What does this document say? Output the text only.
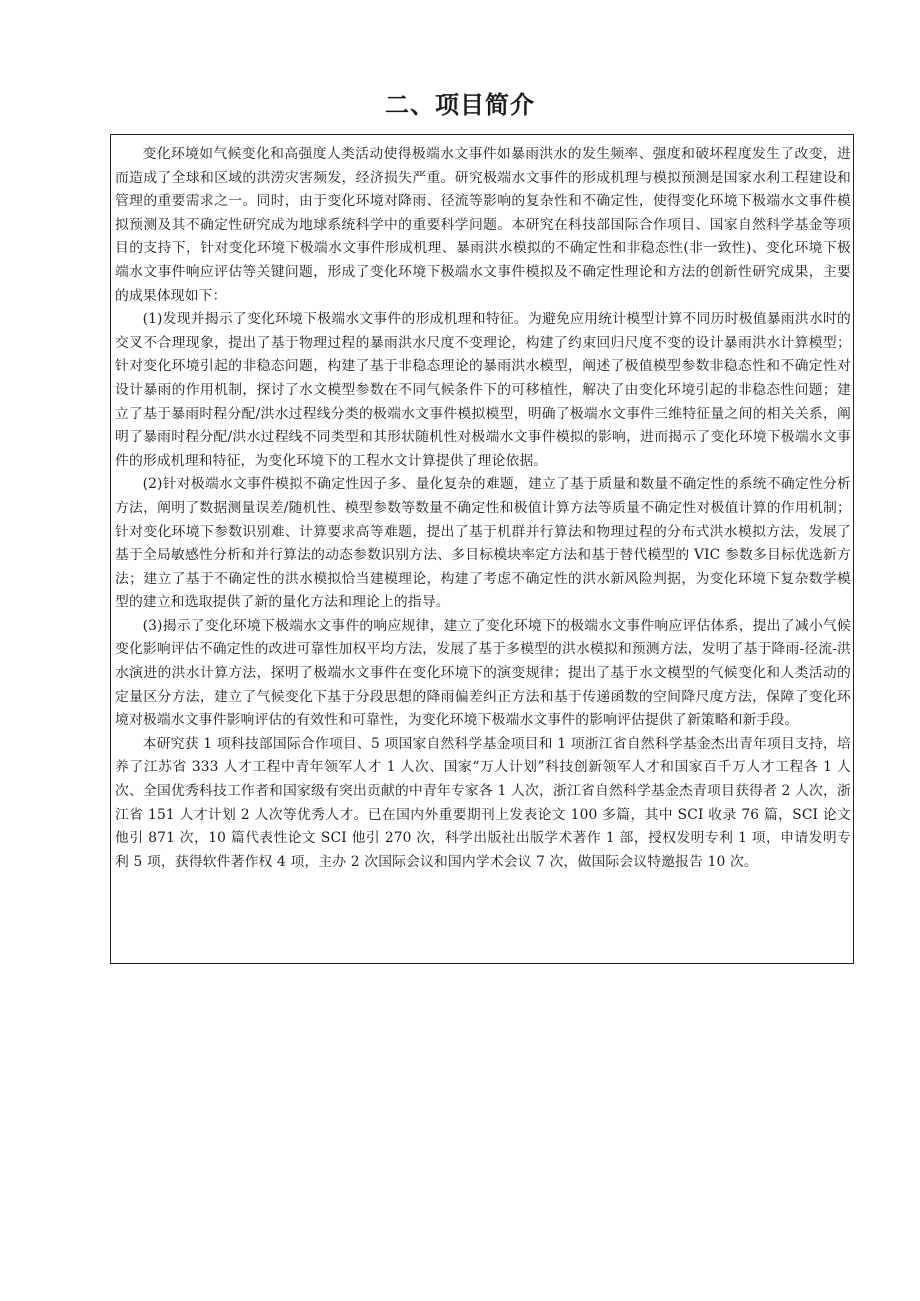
二、项目简介

变化环境如气候变化和高强度人类活动使得极端水文事件如暴雨洪水的发生频率、强度和破坏程度发生了改变，进而造成了全球和区域的洪涝灾害频发，经济损失严重。研究极端水文事件的形成机理与模拟预测是国家水利工程建设和管理的重要需求之一。同时，由于变化环境对降雨、径流等影响的复杂性和不确定性，使得变化环境下极端水文事件模拟预测及其不确定性研究成为地球系统科学中的重要科学问题。本研究在科技部国际合作项目、国家自然科学基金等项目的支持下，针对变化环境下极端水文事件形成机理、暴雨洪水模拟的不确定性和非稳态性(非一致性)、变化环境下极端水文事件响应评估等关键问题，形成了变化环境下极端水文事件模拟及不确定性理论和方法的创新性研究成果，主要的成果体现如下：

(1)发现并揭示了变化环境下极端水文事件的形成机理和特征。为避免应用统计模型计算不同历时极值暴雨洪水时的交叉不合理现象，提出了基于物理过程的暴雨洪水尺度不变理论，构建了约束回归尺度不变的设计暴雨洪水计算模型；针对变化环境引起的非稳态问题，构建了基于非稳态理论的暴雨洪水模型，阐述了极值模型参数非稳态性和不确定性对设计暴雨的作用机制，探讨了水文模型参数在不同气候条件下的可移植性，解决了由变化环境引起的非稳态性问题；建立了基于暴雨时程分配/洪水过程线分类的极端水文事件模拟模型，明确了极端水文事件三维特征量之间的相关关系，阐明了暴雨时程分配/洪水过程线不同类型和其形状随机性对极端水文事件模拟的影响，进而揭示了变化环境下极端水文事件的形成机理和特征，为变化环境下的工程水文计算提供了理论依据。

(2)针对极端水文事件模拟不确定性因子多、量化复杂的难题，建立了基于质量和数量不确定性的系统不确定性分析方法，阐明了数据测量误差/随机性、模型参数等数量不确定性和极值计算方法等质量不确定性对极值计算的作用机制；针对变化环境下参数识别难、计算要求高等难题，提出了基于机群并行算法和物理过程的分布式洪水模拟方法，发展了基于全局敏感性分析和并行算法的动态参数识别方法、多目标模块率定方法和基于替代模型的 VIC 参数多目标优选新方法；建立了基于不确定性的洪水模拟恰当建模理论，构建了考虑不确定性的洪水新风险判据，为变化环境下复杂数学模型的建立和选取提供了新的量化方法和理论上的指导。

(3)揭示了变化环境下极端水文事件的响应规律，建立了变化环境下的极端水文事件响应评估体系，提出了减小气候变化影响评估不确定性的改进可靠性加权平均方法，发展了基于多模型的洪水模拟和预测方法，发明了基于降雨-径流-洪水演进的洪水计算方法，探明了极端水文事件在变化环境下的演变规律；提出了基于水文模型的气候变化和人类活动的定量区分方法，建立了气候变化下基于分段思想的降雨偏差纠正方法和基于传递函数的空间降尺度方法，保障了变化环境对极端水文事件影响评估的有效性和可靠性，为变化环境下极端水文事件的影响评估提供了新策略和新手段。

本研究获 1 项科技部国际合作项目、5 项国家自然科学基金项目和 1 项浙江省自然科学基金杰出青年项目支持，培养了江苏省 333 人才工程中青年领军人才 1 人次、国家“万人计划”科技创新领军人才和国家百千万人才工程各 1 人次、全国优秀科技工作者和国家级有突出贡献的中青年专家各 1 人次，浙江省自然科学基金杰青项目获得者 2 人次，浙江省 151 人才计划 2 人次等优秀人才。已在国内外重要期刊上发表论文 100 多篇，其中 SCI 收录 76 篇，SCI 论文他引 871 次，10 篇代表性论文 SCI 他引 270 次，科学出版社出版学术著作 1 部，授权发明专利 1 项，申请发明专利 5 项，获得软件著作权 4 项，主办 2 次国际会议和国内学术会议 7 次，做国际会议特邀报告 10 次。
